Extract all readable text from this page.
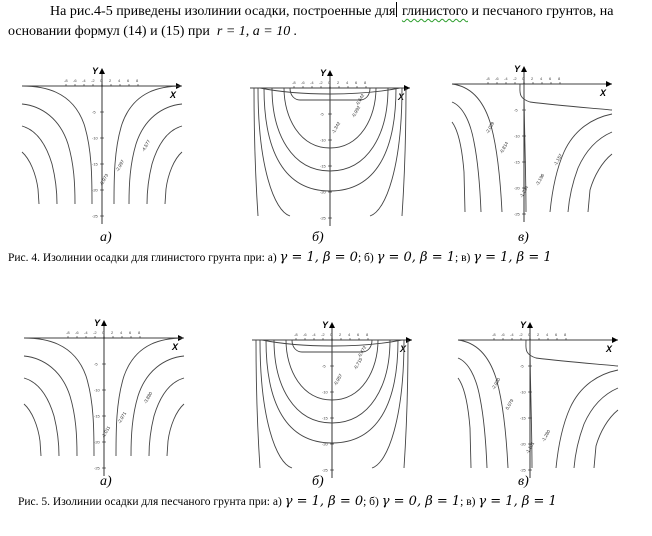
На рис.4-5 приведены изолинии осадки, построенные для глинистого и песчаного грунтов, на основании формул (14) и (15) при r = 1, a = 10 .
Y
X
-8 -6 -4 -2 0 2 4 6 8
-5
-10
-15
-20
-25
-0,973
-2,997
-4,577
Y
X
-8 -6 -4 -2 0 2 4 6 8
-5
-10
-15
-20
-25
-0,642
-0,992
-1,342
Y
X
-8 -6 -4 -2 0 2 4 6 8
-5
-10
-15
-20
-25
-2,039
-0,814
-1,224
-3,196
-1,157
а)	б)	в)
Рис. 4. Изолинии осадки для глинистого грунта при: а) γ = 1, β = 0; б) γ = 0, β = 1; в) γ = 1, β = 1
Y
X
-8 -6 -4 -2 0 2 4 6 8
-5
-10
-15
-20
-25
-1,011
-2,971
-3,880
Y
X
-8 -6 -4 -2 0 2 4 6 8
-5
-10
-15
-20
-25
-0,472
-0,715
-0,957
Y
X
-8 -6 -4 -2 0 2 4 6 8
-5
-10
-15
-20
-25
-2,930
0,079
-1,101
-1,280
а)	б)	в)
Рис. 5. Изолинии осадки для песчаного грунта при: а) γ = 1, β = 0; б) γ = 0, β = 1; в) γ = 1, β = 1
